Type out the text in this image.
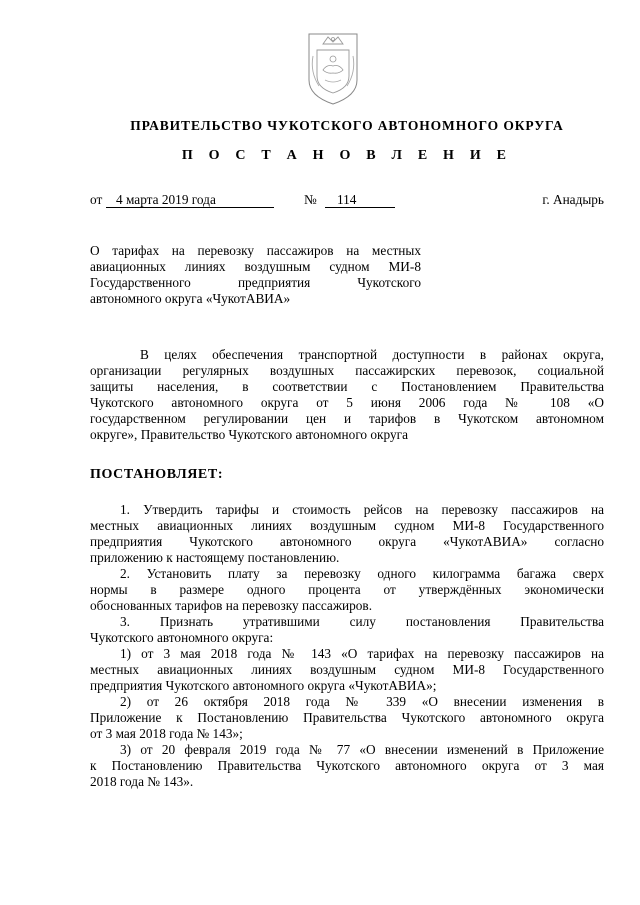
ПРАВИТЕЛЬСТВО ЧУКОТСКОГО АВТОНОМНОГО ОКРУГА
П О С Т А Н О В Л Е Н И Е
от	4 марта 2019 года	№	114	г. Анадырь
О тарифах на перевозку пассажиров на местных
авиационных линиях воздушным судном МИ-8
Государственного предприятия Чукотского
автономного округа «ЧукотАВИА»
В целях обеспечения транспортной доступности в районах округа,
организации регулярных воздушных пассажирских перевозок, социальной
защиты населения, в соответствии с Постановлением Правительства
Чукотского автономного округа от 5 июня 2006 года № 108 «О
государственном регулировании цен и тарифов в Чукотском автономном
округе», Правительство Чукотского автономного округа
ПОСТАНОВЛЯЕТ:
1. Утвердить тарифы и стоимость рейсов на перевозку пассажиров на
местных авиационных линиях воздушным судном МИ-8 Государственного
предприятия Чукотского автономного округа «ЧукотАВИА» согласно
приложению к настоящему постановлению.
2. Установить плату за перевозку одного килограмма багажа сверх
нормы в размере одного процента от утверждённых экономически
обоснованных тарифов на перевозку пассажиров.
3. Признать утратившими силу постановления Правительства
Чукотского автономного округа:
1) от 3 мая 2018 года № 143 «О тарифах на перевозку пассажиров на
местных авиационных линиях воздушным судном МИ-8 Государственного
предприятия Чукотского автономного округа «ЧукотАВИА»;
2) от 26 октября 2018 года № 339 «О внесении изменения в
Приложение к Постановлению Правительства Чукотского автономного округа
от 3 мая 2018 года № 143»;
3) от 20 февраля 2019 года № 77 «О внесении изменений в Приложение
к Постановлению Правительства Чукотского автономного округа от 3 мая
2018 года № 143».
